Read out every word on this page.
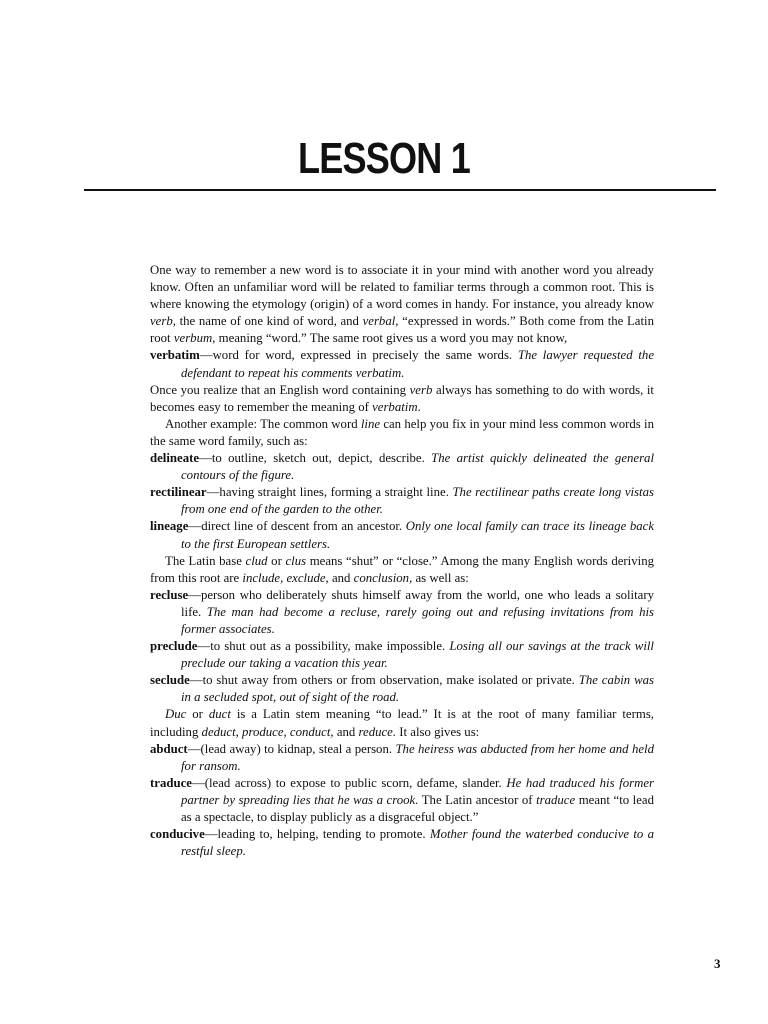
LESSON 1

One way to remember a new word is to associate it in your mind with another word you already know. Often an unfamiliar word will be related to familiar terms through a common root. This is where knowing the etymology (origin) of a word comes in handy. For instance, you already know verb, the name of one kind of word, and verbal, “expressed in words.” Both come from the Latin root verbum, meaning “word.” The same root gives us a word you may not know,

verbatim—word for word, expressed in precisely the same words. The lawyer requested the defendant to repeat his comments verbatim.

Once you realize that an English word containing verb always has something to do with words, it becomes easy to remember the meaning of verbatim.

Another example: The common word line can help you fix in your mind less common words in the same word family, such as:

delineate—to outline, sketch out, depict, describe. The artist quickly delineated the general contours of the figure.

rectilinear—having straight lines, forming a straight line. The rectilinear paths create long vistas from one end of the garden to the other.

lineage—direct line of descent from an ancestor. Only one local family can trace its lineage back to the first European settlers.

The Latin base clud or clus means “shut” or “close.” Among the many English words deriving from this root are include, exclude, and conclusion, as well as:

recluse—person who deliberately shuts himself away from the world, one who leads a solitary life. The man had become a recluse, rarely going out and refusing invitations from his former associates.

preclude—to shut out as a possibility, make impossible. Losing all our savings at the track will preclude our taking a vacation this year.

seclude—to shut away from others or from observation, make isolated or private. The cabin was in a secluded spot, out of sight of the road.

Duc or duct is a Latin stem meaning “to lead.” It is at the root of many familiar terms, including deduct, produce, conduct, and reduce. It also gives us:

abduct—(lead away) to kidnap, steal a person. The heiress was abducted from her home and held for ransom.

traduce—(lead across) to expose to public scorn, defame, slander. He had traduced his former partner by spreading lies that he was a crook. The Latin ancestor of traduce meant “to lead as a spectacle, to display publicly as a disgraceful object.”

conducive—leading to, helping, tending to promote. Mother found the waterbed conducive to a restful sleep.

3
